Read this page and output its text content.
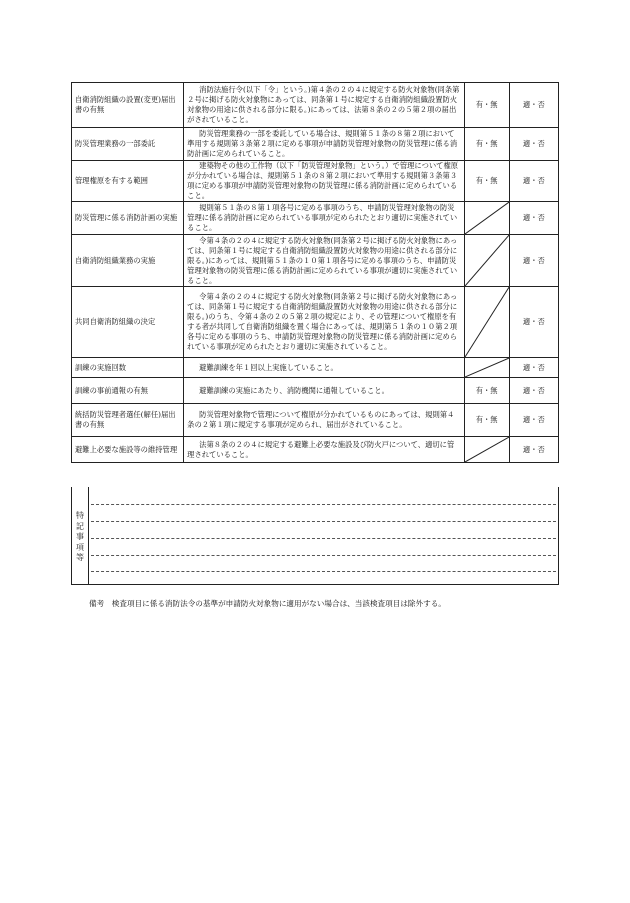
自衛消防組織の設置(変更)届出書の有無	消防法施行令(以下「令」という。)第４条の２の４に規定する防火対象物(同条第２号に掲げる防火対象物にあっては、同条第１号に規定する自衛消防組織設置防火対象物の用途に供される部分に限る。)にあっては、法第８条の２の５第２項の届出がされていること。	有・無	適・否
防災管理業務の一部委託	防災管理業務の一部を委託している場合は、規則第５１条の８第２項において準用する規則第３条第２項に定める事項が申請防災管理対象物の防災管理に係る消防計画に定められていること。	有・無	適・否
管理権原を有する範囲	建築物その他の工作物（以下「防災管理対象物」という。）で管理について権原が分かれている場合は、規則第５１条の８第２項において準用する規則第３条第３項に定める事項が申請防災管理対象物の防災管理に係る消防計画に定められていること。	有・無	適・否
防災管理に係る消防計画の実施	規則第５１条の８第１項各号に定める事項のうち、申請防災管理対象物の防災管理に係る消防計画に定められている事項が定められたとおり適切に実施されていること。		適・否
自衛消防組織業務の実施	令第４条の２の４に規定する防火対象物(同条第２号に掲げる防火対象物にあっては、同条第１号に規定する自衛消防組織設置防火対象物の用途に供される部分に限る。)にあっては、規則第５１条の１０第１項各号に定める事項のうち、申請防災管理対象物の防災管理に係る消防計画に定められている事項が適切に実施されていること。		適・否
共同自衛消防組織の決定	令第４条の２の４に規定する防火対象物(同条第２号に掲げる防火対象物にあっては、同条第１号に規定する自衛消防組織設置防火対象物の用途に供される部分に限る。)のうち、令第４条の２の５第２項の規定により、その管理について権原を有する者が共同して自衛消防組織を置く場合にあっては、規則第５１条の１０第２項各号に定める事項のうち、申請防災管理対象物の防災管理に係る消防計画に定められている事項が定められたとおり適切に実施されていること。		適・否
訓練の実施回数	避難訓練を年１回以上実施していること。		適・否
訓練の事前通報の有無	避難訓練の実施にあたり、消防機関に通報していること。	有・無	適・否
統括防災管理者選任(解任)届出書の有無	防災管理対象物で管理について権原が分かれているものにあっては、規則第４条の２第１項に規定する事項が定められ、届出がされていること。	有・無	適・否
避難上必要な施設等の維持管理	法第８条の２の４に規定する避難上必要な施設及び防火戸について、適切に管理されていること。		適・否
特記事項等
備考　検査項目に係る消防法令の基準が申請防火対象物に適用がない場合は、当該検査項目は除外する。
